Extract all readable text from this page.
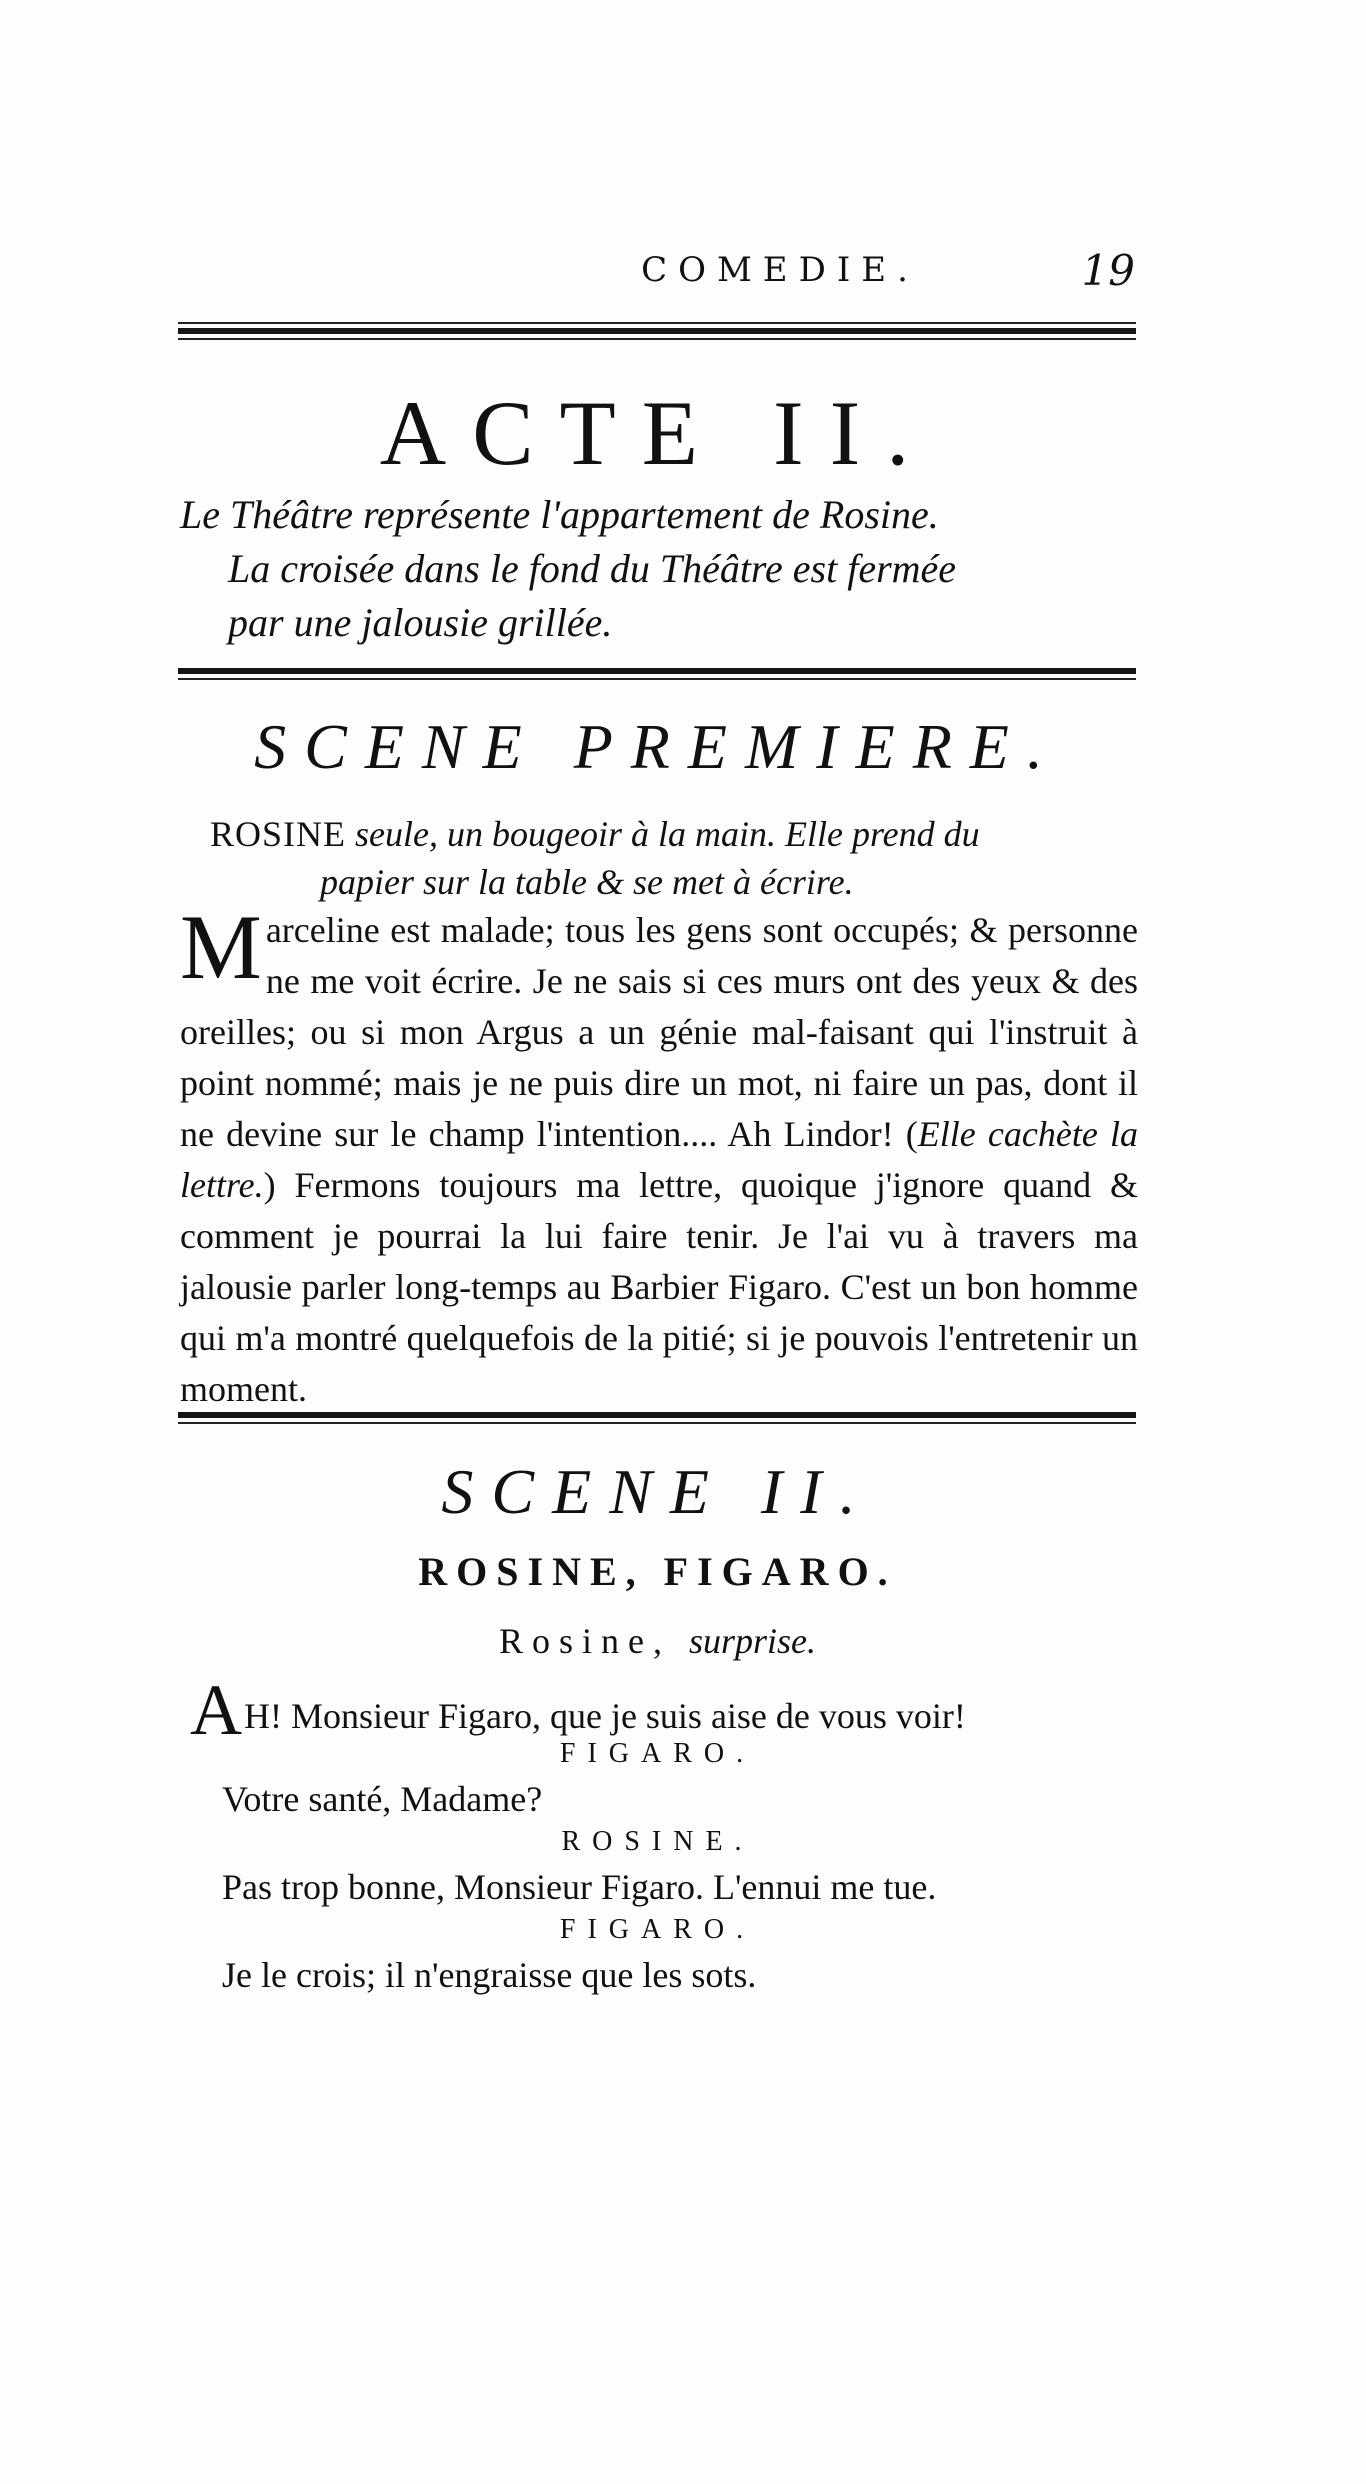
COMEDIE.	19
ACTE II.
Le Théâtre représente l'appartement de Rosine.
La croisée dans le fond du Théâtre est fermée
par une jalousie grillée.
SCENE PREMIERE.
ROSINE seule, un bougeoir à la main. Elle prend du
papier sur la table & se met à écrire.
Marceline est malade; tous les gens sont occupés; & personne ne me voit écrire. Je ne sais si ces murs ont des yeux & des oreilles; ou si mon Argus a un génie mal-faisant qui l'instruit à point nommé; mais je ne puis dire un mot, ni faire un pas, dont il ne devine sur le champ l'intention.... Ah Lindor! (Elle cachète la lettre.) Fermons toujours ma lettre, quoique j'ignore quand & comment je pourrai la lui faire tenir. Je l'ai vu à travers ma jalousie parler long-temps au Barbier Figaro. C'est un bon homme qui m'a montré quelquefois de la pitié; si je pouvois l'entretenir un moment.
SCENE II.
ROSINE, FIGARO.
Rosine, surprise.
AH! Monsieur Figaro, que je suis aise de vous voir!
FIGARO.
Votre santé, Madame?
ROSINE.
Pas trop bonne, Monsieur Figaro. L'ennui me tue.
FIGARO.
Je le crois; il n'engraisse que les sots.
